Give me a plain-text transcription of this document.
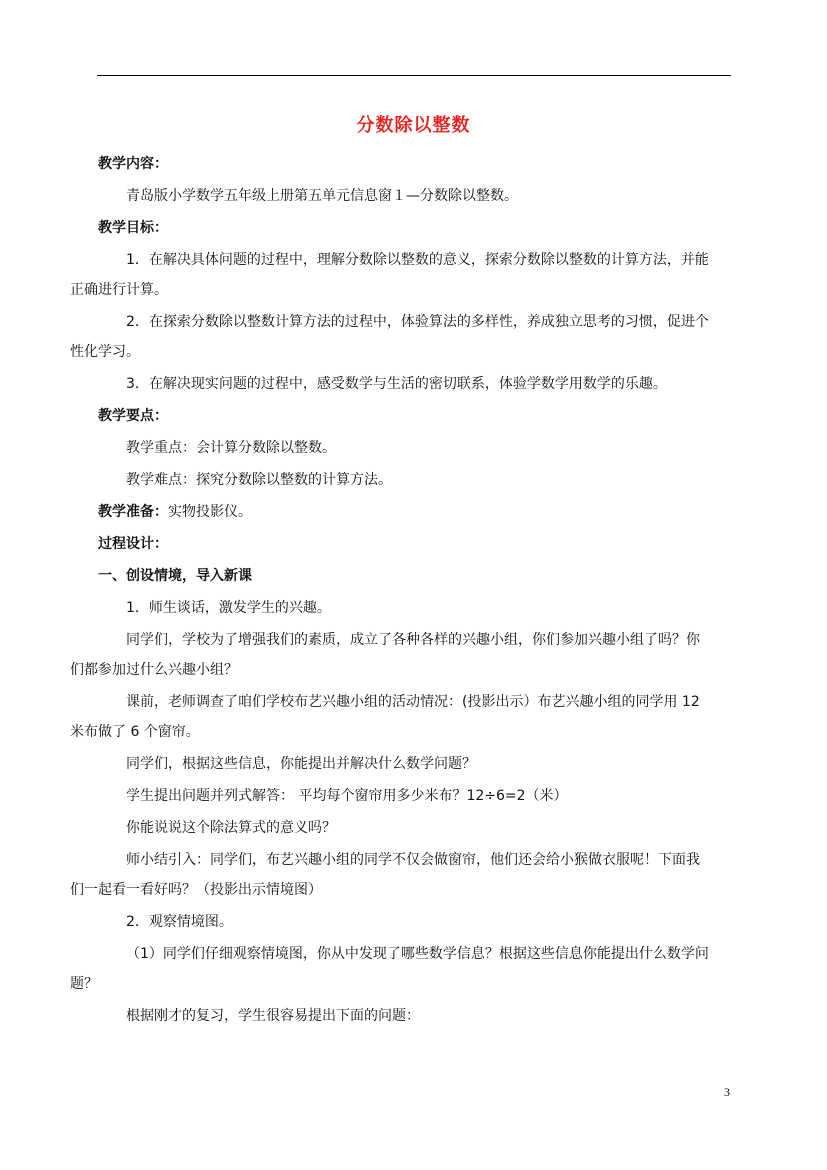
分数除以整数

教学内容：

青岛版小学数学五年级上册第五单元信息窗１—分数除以整数。

教学目标：

1．在解决具体问题的过程中，理解分数除以整数的意义，探索分数除以整数的计算方法，并能
正确进行计算。

2．在探索分数除以整数计算方法的过程中，体验算法的多样性，养成独立思考的习惯，促进个
性化学习。

3．在解决现实问题的过程中，感受数学与生活的密切联系，体验学数学用数学的乐趣。

教学要点：

教学重点：会计算分数除以整数。

教学难点：探究分数除以整数的计算方法。

教学准备：实物投影仪。

过程设计：

一、创设情境，导入新课

1．师生谈话，激发学生的兴趣。

同学们，学校为了增强我们的素质，成立了各种各样的兴趣小组，你们参加兴趣小组了吗？你
们都参加过什么兴趣小组？

课前，老师调查了咱们学校布艺兴趣小组的活动情况：(投影出示）布艺兴趣小组的同学用 12
米布做了 6 个窗帘。

同学们，根据这些信息，你能提出并解决什么数学问题？

学生提出问题并列式解答： 平均每个窗帘用多少米布？12÷6=2（米）

你能说说这个除法算式的意义吗？

师小结引入：同学们，布艺兴趣小组的同学不仅会做窗帘，他们还会给小猴做衣服呢！下面我
们一起看一看好吗？（投影出示情境图）

2．观察情境图。

（1）同学们仔细观察情境图，你从中发现了哪些数学信息？根据这些信息你能提出什么数学问
题？

根据刚才的复习，学生很容易提出下面的问题：

3
